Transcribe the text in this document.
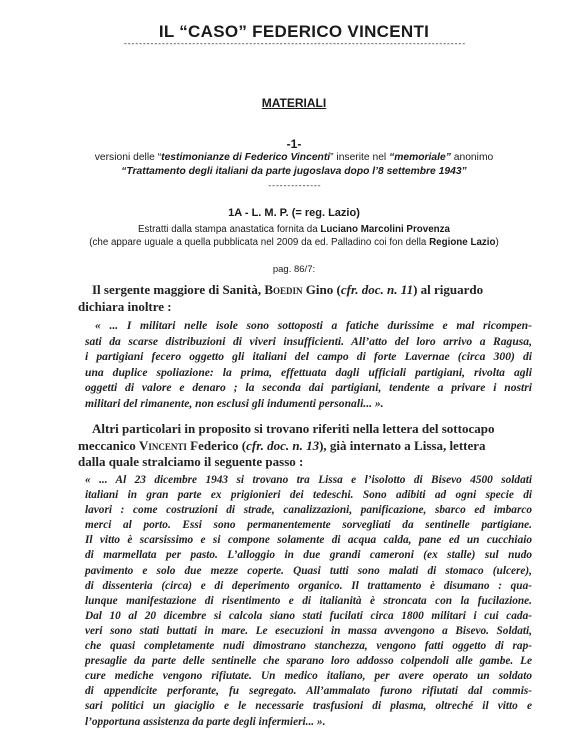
IL “CASO” FEDERICO VINCENTI
------------------------------------------------------------------------------------------
MATERIALI
-1-
versioni delle “testimonianze di Federico Vincenti” inserite nel “memoriale” anonimo
“Trattamento degli italiani da parte jugoslava dopo l’8 settembre 1943”
--------------
1A - L. M. P. (= reg. Lazio)
Estratti dalla stampa anastatica fornita da Luciano Marcolini Provenza
(che appare uguale a quella pubblicata nel 2009 da ed. Palladino coi fon della Regione Lazio)
pag. 86/7:
Il sergente maggiore di Sanità, Boedin Gino (cfr. doc. n. 11) al riguardo
dichiara inoltre :
« ... I militari nelle isole sono sottoposti a fatiche durissime e mal ricompen-
sati da scarse distribuzioni di viveri insufficienti. All’atto del loro arrivo a Ragusa,
i partigiani fecero oggetto gli italiani del campo di forte Lavernae (circa 300) di
una duplice spoliazione: la prima, effettuata dagli ufficiali partigiani, rivolta agli
oggetti di valore e denaro ; la seconda dai partigiani, tendente a privare i nostri
militari del rimanente, non esclusi gli indumenti personali... ».
Altri particolari in proposito si trovano riferiti nella lettera del sottocapo
meccanico Vincenti Federico (cfr. doc. n. 13), già internato a Lissa, lettera
dalla quale stralciamo il seguente passo :
« ... Al 23 dicembre 1943 si trovano tra Lissa e l’isolotto di Bisevo 4500 soldati
italiani in gran parte ex prigionieri dei tedeschi. Sono adibiti ad ogni specie di
lavori : come costruzioni di strade, canalizzazioni, panificazione, sbarco ed imbarco
merci al porto. Essi sono permanentemente sorvegliati da sentinelle partigiane.
Il vitto è scarsissimo e si compone solamente di acqua calda, pane ed un cucchiaio
di marmellata per pasto. L’alloggio in due grandi cameroni (ex stalle) sul nudo
pavimento e solo due mezze coperte. Quasi tutti sono malati di stomaco (ulcere),
di dissenteria (circa) e di deperimento organico. Il trattamento è disumano : qua-
lunque manifestazione di risentimento e di italianità è stroncata con la fucilazione.
Dal 10 al 20 dicembre si calcola siano stati fucilati circa 1800 militari i cui cada-
veri sono stati buttati in mare. Le esecuzioni in massa avvengono a Bisevo. Soldati,
che quasi completamente nudi dimostrano stanchezza, vengono fatti oggetto di rap-
presaglie da parte delle sentinelle che sparano loro addosso colpendoli alle gambe. Le
cure mediche vengono rifiutate. Un medico italiano, per avere operato un soldato
di appendicite perforante, fu segregato. All’ammalato furono rifiutati dal commis-
sari politici un giaciglio e le necessarie trasfusioni di plasma, oltreché il vitto e
l’opportuna assistenza da parte degli infermieri... ».
